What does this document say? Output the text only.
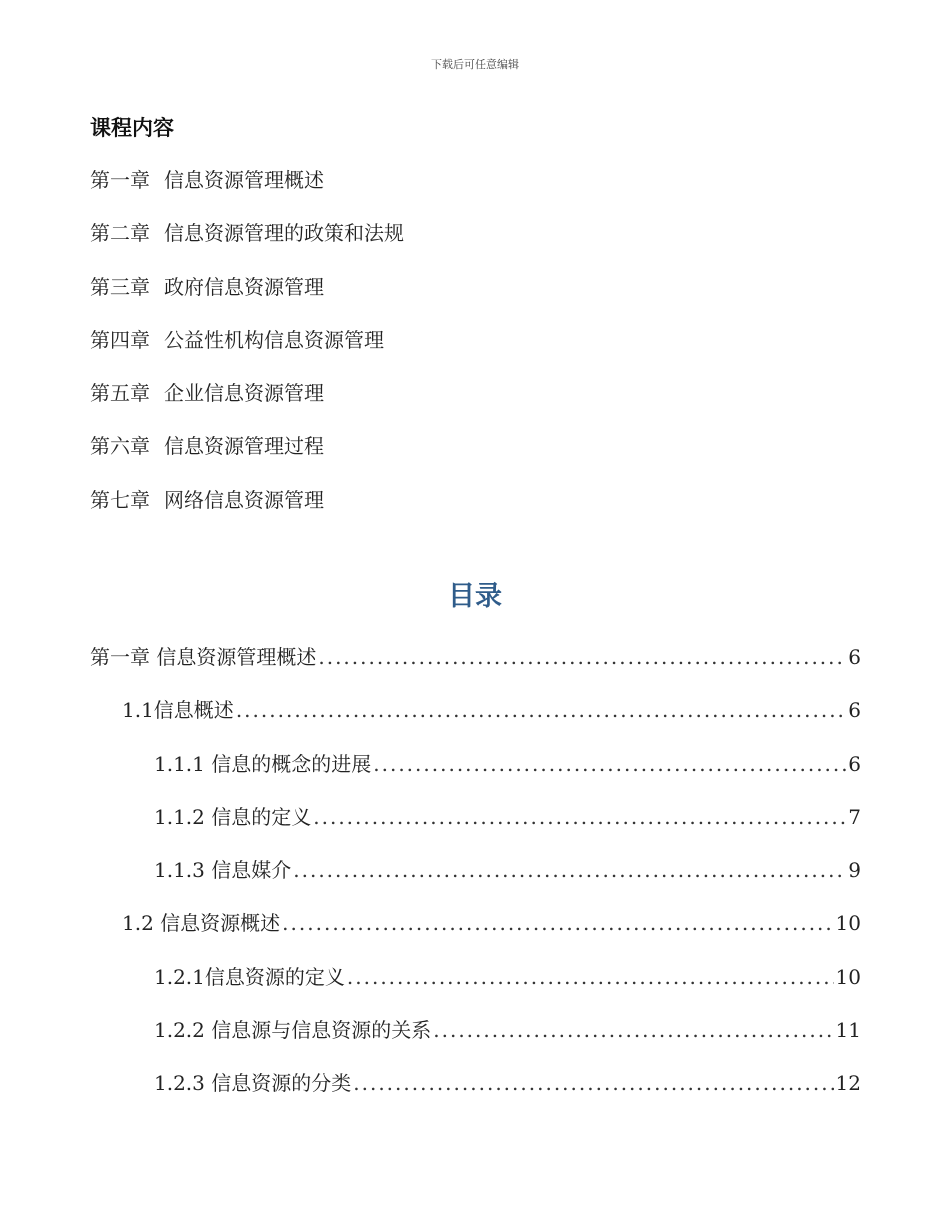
下载后可任意编辑
课程内容
第一章 信息资源管理概述
第二章 信息资源管理的政策和法规
第三章 政府信息资源管理
第四章 公益性机构信息资源管理
第五章 企业信息资源管理
第六章 信息资源管理过程
第七章 网络信息资源管理
目录
第一章 信息资源管理概述 .....	6
1.1信息概述 .....	6
1.1.1 信息的概念的进展 .....	6
1.1.2 信息的定义 .....	7
1.1.3 信息媒介 .....	9
1.2 信息资源概述 .....	10
1.2.1信息资源的定义 .....	10
1.2.2 信息源与信息资源的关系 .....	11
1.2.3 信息资源的分类 .....	12
